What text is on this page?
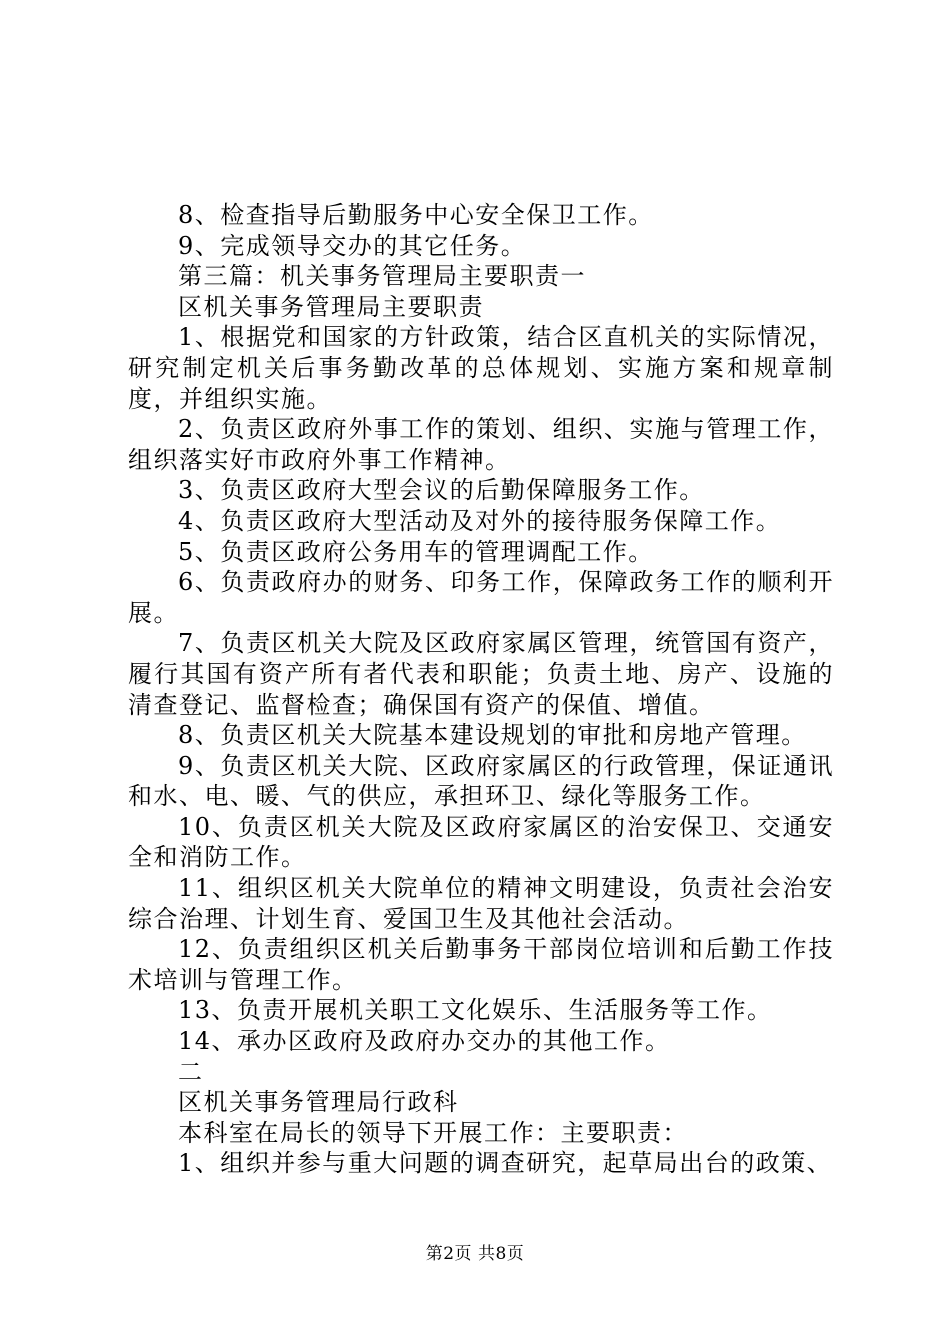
8、检查指导后勤服务中心安全保卫工作。

9、完成领导交办的其它任务。

第三篇：机关事务管理局主要职责一

区机关事务管理局主要职责

1、根据党和国家的方针政策，结合区直机关的实际情况，研究制定机关后事务勤改革的总体规划、实施方案和规章制度，并组织实施。

2、负责区政府外事工作的策划、组织、实施与管理工作，组织落实好市政府外事工作精神。

3、负责区政府大型会议的后勤保障服务工作。

4、负责区政府大型活动及对外的接待服务保障工作。

5、负责区政府公务用车的管理调配工作。

6、负责政府办的财务、印务工作，保障政务工作的顺利开展。

7、负责区机关大院及区政府家属区管理，统管国有资产，履行其国有资产所有者代表和职能；负责土地、房产、设施的清查登记、监督检查；确保国有资产的保值、增值。

8、负责区机关大院基本建设规划的审批和房地产管理。

9、负责区机关大院、区政府家属区的行政管理，保证通讯和水、电、暖、气的供应，承担环卫、绿化等服务工作。

10、负责区机关大院及区政府家属区的治安保卫、交通安全和消防工作。

11、组织区机关大院单位的精神文明建设，负责社会治安综合治理、计划生育、爱国卫生及其他社会活动。

12、负责组织区机关后勤事务干部岗位培训和后勤工作技术培训与管理工作。

13、负责开展机关职工文化娱乐、生活服务等工作。

14、承办区政府及政府办交办的其他工作。

二

区机关事务管理局行政科

本科室在局长的领导下开展工作：主要职责：

1、组织并参与重大问题的调查研究，起草局出台的政策、

第2页 共8页
